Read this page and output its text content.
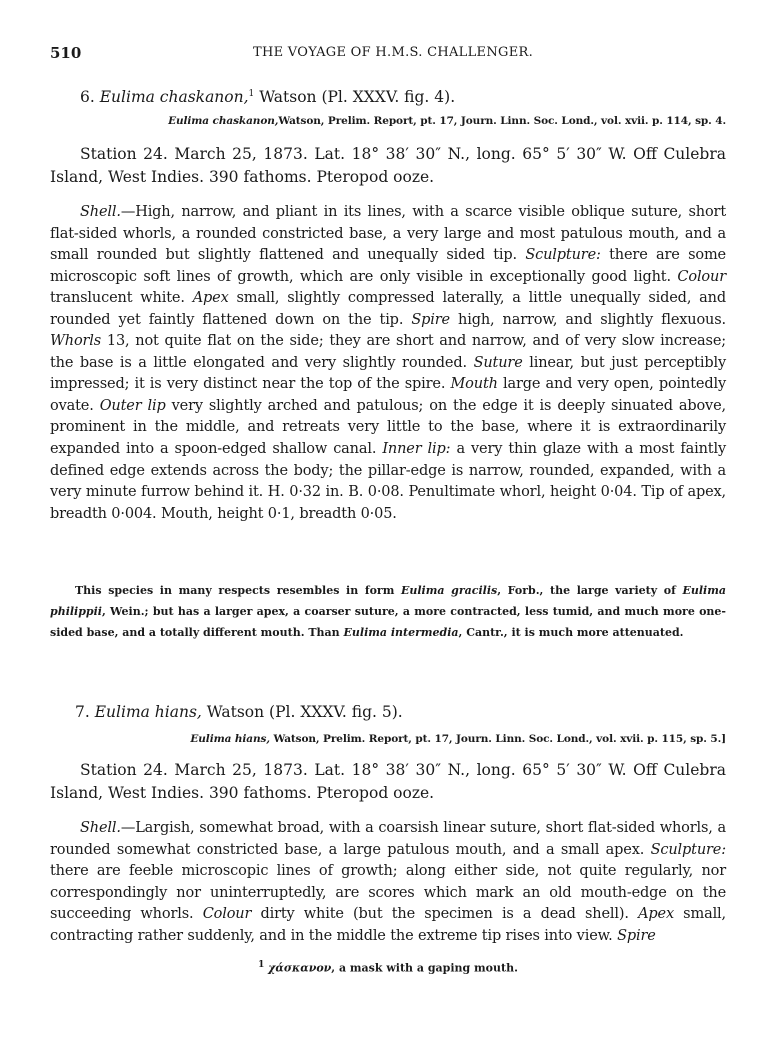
510	THE VOYAGE OF H.M.S. CHALLENGER.
6. Eulima chaskanon,$^1$ Watson (Pl. XXXV. fig. 4).
Eulima chaskanon,Watson, Prelim. Report, pt. 17, Journ. Linn. Soc. Lond., vol. xvii. p. 114, sp. 4.
Station 24. March 25, 1873. Lat. 18° 38′ 30″ N., long. 65° 5′ 30″ W. Off Culebra Island, West Indies. 390 fathoms. Pteropod ooze.
Shell.—High, narrow, and pliant in its lines, with a scarce visible oblique suture, short flat-sided whorls, a rounded constricted base, a very large and most patulous mouth, and a small rounded but slightly flattened and unequally sided tip. Sculpture: there are some microscopic soft lines of growth, which are only visible in exceptionally good light. Colour translucent white. Apex small, slightly compressed laterally, a little unequally sided, and rounded yet faintly flattened down on the tip. Spire high, narrow, and slightly flexuous. Whorls 13, not quite flat on the side; they are short and narrow, and of very slow increase; the base is a little elongated and very slightly rounded. Suture linear, but just perceptibly impressed; it is very distinct near the top of the spire. Mouth large and very open, pointedly ovate. Outer lip very slightly arched and patulous; on the edge it is deeply sinuated above, prominent in the middle, and retreats very little to the base, where it is extraordinarily expanded into a spoon-edged shallow canal. Inner lip: a very thin glaze with a most faintly defined edge extends across the body; the pillar-edge is narrow, rounded, expanded, with a very minute furrow behind it. H. 0·32 in. B. 0·08. Penultimate whorl, height 0·04. Tip of apex, breadth 0·004. Mouth, height 0·1, breadth 0·05.
This species in many respects resembles in form Eulima gracilis, Forb., the large variety of Eulima philippii, Wein.; but has a larger apex, a coarser suture, a more contracted, less tumid, and much more one-sided base, and a totally different mouth. Than Eulima intermedia, Cantr., it is much more attenuated.
7. Eulima hians, Watson (Pl. XXXV. fig. 5).
Eulima hians, Watson, Prelim. Report, pt. 17, Journ. Linn. Soc. Lond., vol. xvii. p. 115, sp. 5.]
Station 24. March 25, 1873. Lat. 18° 38′ 30″ N., long. 65° 5′ 30″ W. Off Culebra Island, West Indies. 390 fathoms. Pteropod ooze.
Shell.—Largish, somewhat broad, with a coarsish linear suture, short flat-sided whorls, a rounded somewhat constricted base, a large patulous mouth, and a small apex. Sculpture: there are feeble microscopic lines of growth; along either side, not quite regularly, nor correspondingly nor uninterruptedly, are scores which mark an old mouth-edge on the succeeding whorls. Colour dirty white (but the specimen is a dead shell). Apex small, contracting rather suddenly, and in the middle the extreme tip rises into view. Spire
$^1$ χάσκανον, a mask with a gaping mouth.
